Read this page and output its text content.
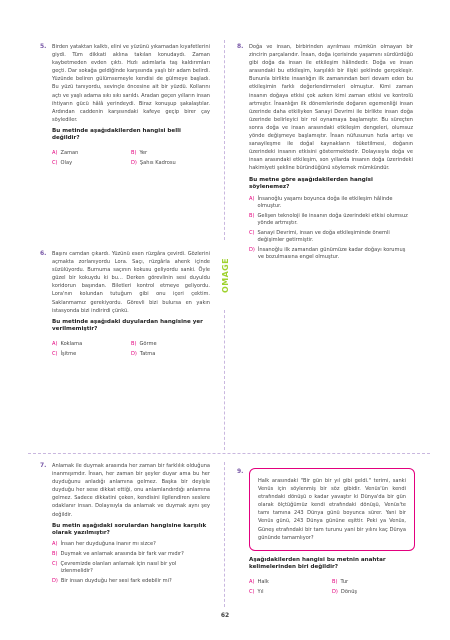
OMAGE
5. Birden yataktan kalktı, elini ve yüzünü yıkamadan kıyafetlerini giydi. Tüm dikkati aklına takılan konudaydı. Zaman kaybetmeden evden çıktı. Hızlı adımlarla taş kaldırımları geçti. Dar sokağa geldiğinde karşısında yaşlı bir adam belirdi. Yüzünde beliren gülümsemeyle kendisi de gülmeye başladı. Bu yüzü tanıyordu, sevinçle öncesine ait bir yüzdü. Kollarını açtı ve yaşlı adama sıkı sıkı sarıldı. Aradan geçen yılların insan ihtiyarın gücü hâlâ yerindeydi. Biraz konuşup şakalaştılar. Ardından caddenin karşısındaki kafeye geçip birer çay söylediler.

Bu metinde aşağıdakilerden hangisi belli değildir?
A) Zaman	B) Yer
C) Olay	D) Şahıs Kadrosu
6. Başını camdan çıkardı. Yüzünü esen rüzgâra çevirdi. Gözlerini açmakta zorlanıyordu Lora. Saçı, rüzgârla ahenk içinde süzülüyordu. Burnuma saçının kokusu geliyordu sanki. Öyle güzel bir kokuydu ki bu… Derken görevlinin sesi duyuldu koridorun başından. Biletleri kontrol etmeye geliyordu. Lora'nın kolundan tutuğum gibi onu içeri çektim. Saklanmamız gerekiyordu. Görevli bizi bulursa en yakın istasyonda bizi indirirdi çünkü.

Bu metinde aşağıdaki duyulardan hangisine yer verilmemiştir?
A) Koklama	B) Görme
C) İşitme	D) Tatma
8. Doğa ve insan, birbirinden ayrılması mümkün olmayan bir zincirin parçalarıdır. İnsan, doğa içerisinde yaşamını sürdürdüğü gibi doğa da insan ile etkileşim hâlindedir. Doğa ve insan arasındaki bu etkileşim, karşılıklı bir ilişki şeklinde gerçekleşir. Bununla birlikte insanlığın ilk zamanından beri devam eden bu etkileşimin farklı değerlendirmeleri olmuştur. Kimi zaman insanın doğaya etkisi çok azken kimi zaman etkisi ve kontrolü artmıştır. İnsanlığın ilk dönemlerinde doğanın egemenliği insan üzerinde daha etkiliyken Sanayi Devrimi ile birlikte insan doğa üzerinde belirleyici bir rol oynamaya başlamıştır. Bu süreçten sonra doğa ve insan arasındaki etkileşim dengeleri, olumsuz yönde değişmeye başlamıştır. İnsan nüfusunun hızla artışı ve sanayileşme ile doğal kaynakların tüketilmesi, doğanın üzerindeki insanın etkisini göstermektedir. Dolayısıyla doğa ve insan arasındaki etkileşim, son yıllarda insanın doğa üzerindeki hakimiyeti şekline büründüğünü söylemek mümkündür.

Bu metne göre aşağıdakilerden hangisi söylenemez?
A) İnsanoğlu yaşamı boyunca doğa ile etkileşim hâlinde olmuştur.
B) Gelişen teknoloji ile insanın doğa üzerindeki etkisi olumsuz yönde artmıştır.
C) Sanayi Devrimi, insan ve doğa etkileşiminde önemli değişimler getirmiştir.
D) İnsanoğlu ilk zamandan günümüze kadar doğayı korumuş ve bozulmasına engel olmuştur.
7. Anlamak ile duymak arasında her zaman bir farklılık olduğuna inanmışımdır. İnsan, her zaman bir şeyler duyar ama bu her duyduğunu anladığı anlamına gelmez. Başka bir deyişle duyduğu her sese dikkat ettiği, onu anlamlandırdığı anlamına gelmez. Sadece dikkatini çeken, kendisini ilgilendiren seslere odaklanır insan. Dolayısıyla da anlamak ve duymak aynı şey değildir.

Bu metin aşağıdaki sorulardan hangisine karşılık olarak yazılmıştır?
A) İnsan her duyduğuna inanır mı sizce?
B) Duymak ve anlamak arasında bir fark var mıdır?
C) Çevremizde olanları anlamak için nasıl bir yol izlenmelidir?
D) Bir insan duyduğu her sesi fark edebilir mi?
9.

Halk arasındaki "Bir gün bir yıl gibi geldi." terimi, sanki Venüs için söylenmiş bir söz gibidir. Venüs'ün kendi etrafındaki dönüşü o kadar yavaştır ki Dünya'da bir gün olarak ölçtüğümüz kendi etrafındaki dönüşü, Venüs'te tamı tamına 243 Dünya günü boyunca sürer. Yani bir Venüs günü, 243 Dünya gününe eşittir. Peki ya Venüs, Güneş etrafındaki bir tam turunu yani bir yılını kaç Dünya gününde tamamlıyor?

Aşağıdakilerden hangisi bu metnin anahtar kelimelerinden biri değildir?
A) Halk	B) Tur
C) Yıl	D) Dönüş
62
